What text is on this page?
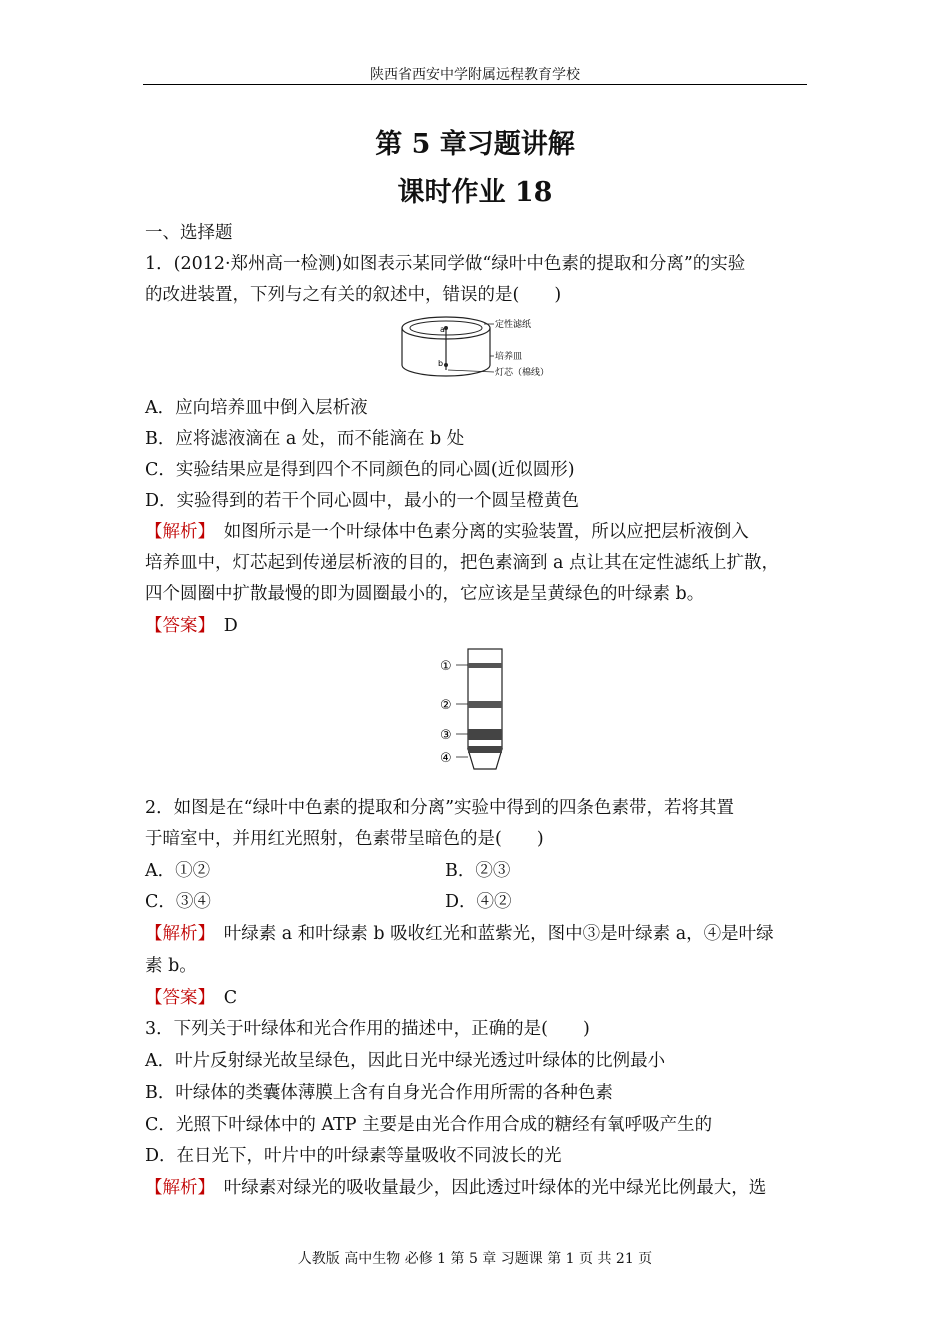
陕西省西安中学附属远程教育学校
第 5 章习题讲解
课时作业 18
一、选择题
1．(2012·郑州高一检测)如图表示某同学做“绿叶中色素的提取和分离”的实验
的改进装置，下列与之有关的叙述中，错误的是(　　)
a
b
定性滤纸
培养皿
灯芯（棉线）
A．应向培养皿中倒入层析液
B．应将滤液滴在 a 处，而不能滴在 b 处
C．实验结果应是得到四个不同颜色的同心圆(近似圆形)
D．实验得到的若干个同心圆中，最小的一个圆呈橙黄色
【解析】　如图所示是一个叶绿体中色素分离的实验装置，所以应把层析液倒入
培养皿中，灯芯起到传递层析液的目的，把色素滴到 a 点让其在定性滤纸上扩散，
四个圆圈中扩散最慢的即为圆圈最小的，它应该是呈黄绿色的叶绿素 b。
【答案】　D
①
②
③
④
2．如图是在“绿叶中色素的提取和分离”实验中得到的四条色素带，若将其置
于暗室中，并用红光照射，色素带呈暗色的是(　　)
A．①②	B．②③
C．③④	D．④②
【解析】　叶绿素 a 和叶绿素 b 吸收红光和蓝紫光，图中③是叶绿素 a，④是叶绿
素 b。
【答案】　C
3．下列关于叶绿体和光合作用的描述中，正确的是(　　)
A．叶片反射绿光故呈绿色，因此日光中绿光透过叶绿体的比例最小
B．叶绿体的类囊体薄膜上含有自身光合作用所需的各种色素
C．光照下叶绿体中的 ATP 主要是由光合作用合成的糖经有氧呼吸产生的
D．在日光下，叶片中的叶绿素等量吸收不同波长的光
【解析】　叶绿素对绿光的吸收量最少，因此透过叶绿体的光中绿光比例最大，选
人教版 高中生物 必修 1 第 5 章 习题课 第 1 页 共 21 页
